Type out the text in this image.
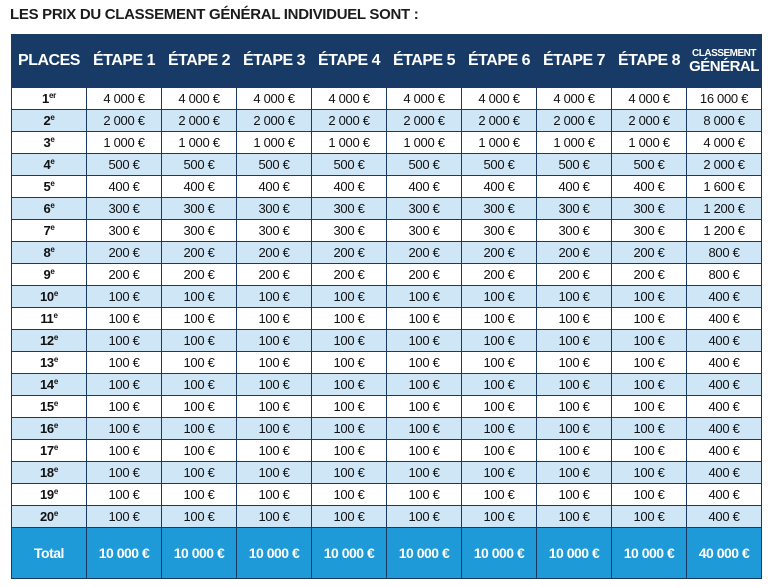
LES PRIX DU CLASSEMENT GÉNÉRAL INDIVIDUEL SONT :
PLACES	ÉTAPE 1	ÉTAPE 2	ÉTAPE 3	ÉTAPE 4	ÉTAPE 5	ÉTAPE 6	ÉTAPE 7	ÉTAPE 8	CLASSEMENT
GÉNÉRAL

1er	4 000 €	4 000 €	4 000 €	4 000 €	4 000 €	4 000 €	4 000 €	4 000 €	16 000 €
2e	2 000 €	2 000 €	2 000 €	2 000 €	2 000 €	2 000 €	2 000 €	2 000 €	8 000 €
3e	1 000 €	1 000 €	1 000 €	1 000 €	1 000 €	1 000 €	1 000 €	1 000 €	4 000 €
4e	500 €	500 €	500 €	500 €	500 €	500 €	500 €	500 €	2 000 €
5e	400 €	400 €	400 €	400 €	400 €	400 €	400 €	400 €	1 600 €
6e	300 €	300 €	300 €	300 €	300 €	300 €	300 €	300 €	1 200 €
7e	300 €	300 €	300 €	300 €	300 €	300 €	300 €	300 €	1 200 €
8e	200 €	200 €	200 €	200 €	200 €	200 €	200 €	200 €	800 €
9e	200 €	200 €	200 €	200 €	200 €	200 €	200 €	200 €	800 €
10e	100 €	100 €	100 €	100 €	100 €	100 €	100 €	100 €	400 €
11e	100 €	100 €	100 €	100 €	100 €	100 €	100 €	100 €	400 €
12e	100 €	100 €	100 €	100 €	100 €	100 €	100 €	100 €	400 €
13e	100 €	100 €	100 €	100 €	100 €	100 €	100 €	100 €	400 €
14e	100 €	100 €	100 €	100 €	100 €	100 €	100 €	100 €	400 €
15e	100 €	100 €	100 €	100 €	100 €	100 €	100 €	100 €	400 €
16e	100 €	100 €	100 €	100 €	100 €	100 €	100 €	100 €	400 €
17e	100 €	100 €	100 €	100 €	100 €	100 €	100 €	100 €	400 €
18e	100 €	100 €	100 €	100 €	100 €	100 €	100 €	100 €	400 €
19e	100 €	100 €	100 €	100 €	100 €	100 €	100 €	100 €	400 €
20e	100 €	100 €	100 €	100 €	100 €	100 €	100 €	100 €	400 €
Total	10 000 €	10 000 €	10 000 €	10 000 €	10 000 €	10 000 €	10 000 €	10 000 €	40 000 €
